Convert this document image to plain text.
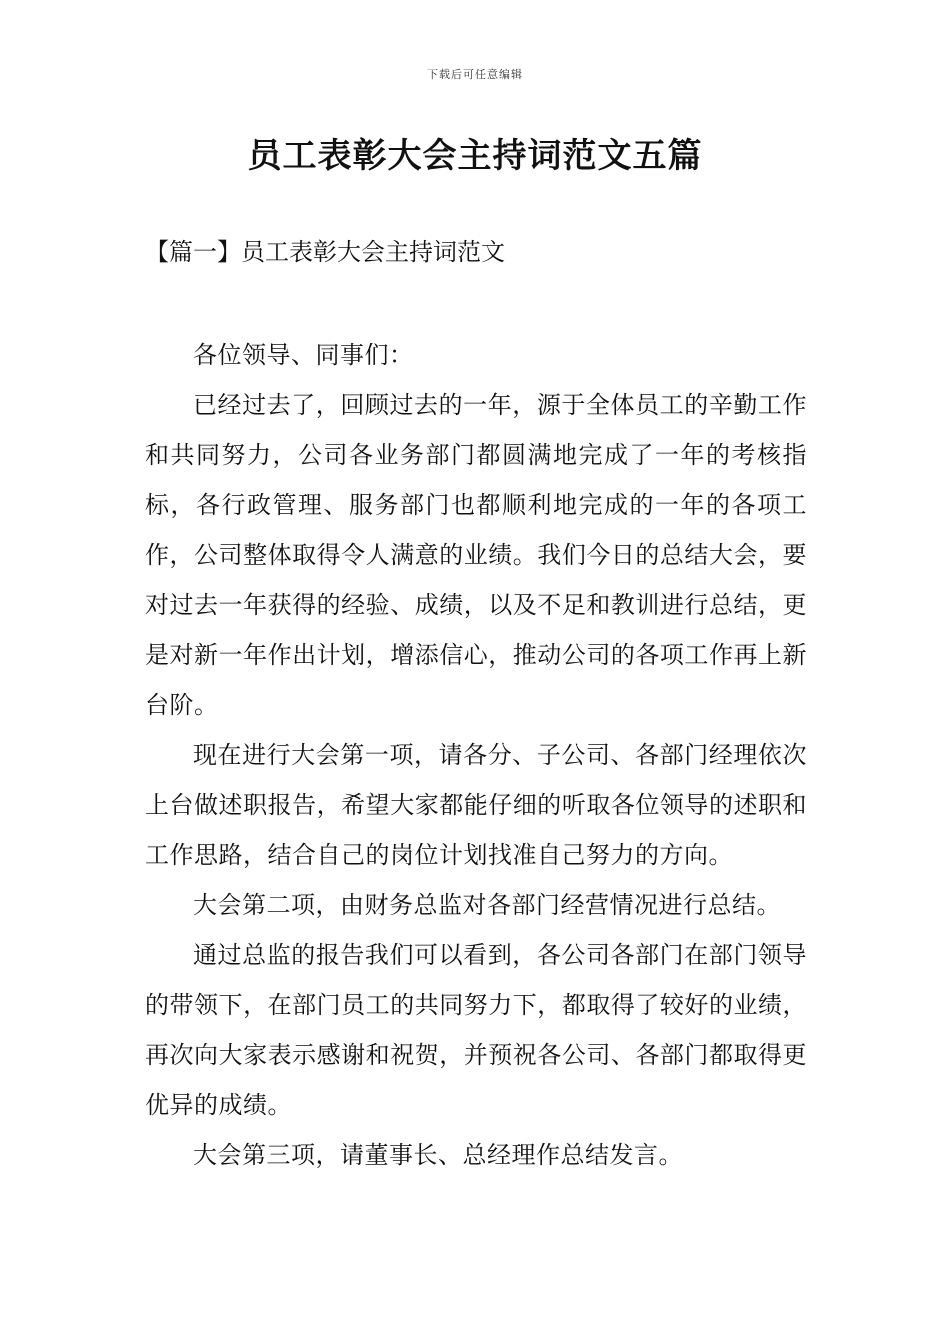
下载后可任意编辑
员工表彰大会主持词范文五篇
【篇一】员工表彰大会主持词范文

各位领导、同事们：

已经过去了，回顾过去的一年，源于全体员工的辛勤工作和共同努力，公司各业务部门都圆满地完成了一年的考核指标，各行政管理、服务部门也都顺利地完成的一年的各项工作，公司整体取得令人满意的业绩。我们今日的总结大会，要对过去一年获得的经验、成绩，以及不足和教训进行总结，更是对新一年作出计划，增添信心，推动公司的各项工作再上新台阶。

现在进行大会第一项，请各分、子公司、各部门经理依次上台做述职报告，希望大家都能仔细的听取各位领导的述职和工作思路，结合自己的岗位计划找准自己努力的方向。

大会第二项，由财务总监对各部门经营情况进行总结。

通过总监的报告我们可以看到，各公司各部门在部门领导的带领下，在部门员工的共同努力下，都取得了较好的业绩，再次向大家表示感谢和祝贺，并预祝各公司、各部门都取得更优异的成绩。

大会第三项，请董事长、总经理作总结发言。
